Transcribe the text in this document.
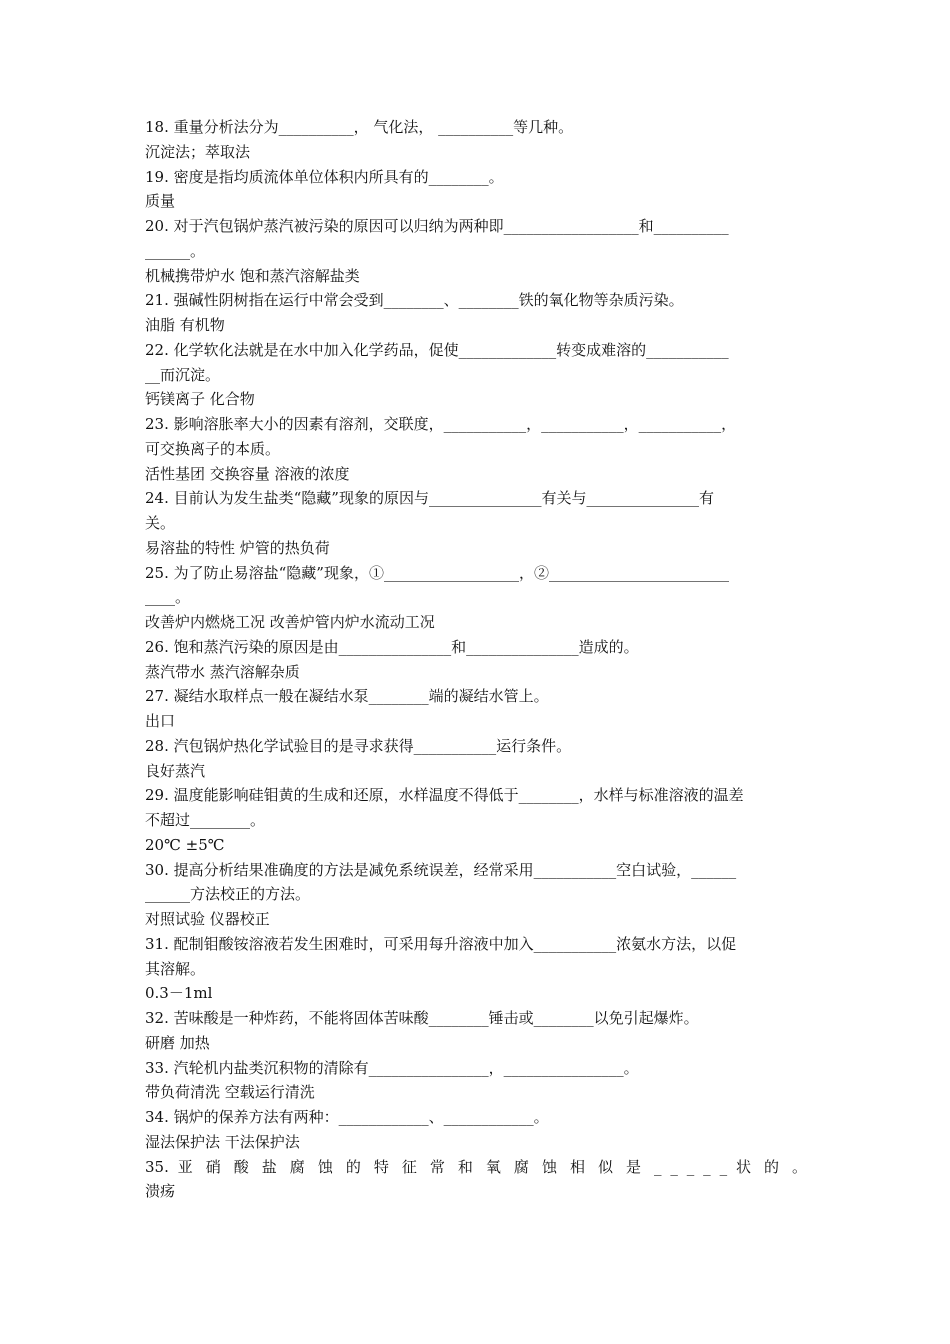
18. 重量分析法分为__________， 气化法， __________等几种。
沉淀法；萃取法
19. 密度是指均质流体单位体积内所具有的________。
质量
20. 对于汽包锅炉蒸汽被污染的原因可以归纳为两种即__________________和__________
______。
机械携带炉水 饱和蒸汽溶解盐类
21. 强碱性阴树指在运行中常会受到________、________铁的氧化物等杂质污染。
油脂 有机物
22. 化学软化法就是在水中加入化学药品，促使_____________转变成难溶的___________
__而沉淀。
钙镁离子 化合物
23. 影响溶胀率大小的因素有溶剂，交联度，___________，___________，___________，
可交换离子的本质。
活性基团 交换容量 溶液的浓度
24. 目前认为发生盐类“隐藏”现象的原因与_______________有关与_______________有
关。
易溶盐的特性 炉管的热负荷
25. 为了防止易溶盐“隐藏”现象，①__________________，②________________________
____。
改善炉内燃烧工况 改善炉管内炉水流动工况
26. 饱和蒸汽污染的原因是由_______________和_______________造成的。
蒸汽带水 蒸汽溶解杂质
27. 凝结水取样点一般在凝结水泵________端的凝结水管上。
出口
28. 汽包锅炉热化学试验目的是寻求获得___________运行条件。
良好蒸汽
29. 温度能影响硅钼黄的生成和还原，水样温度不得低于________，水样与标准溶液的温差
不超过________。
20℃ ±5℃
30. 提高分析结果准确度的方法是减免系统误差，经常采用___________空白试验，______
______方法校正的方法。
对照试验 仪器校正
31. 配制钼酸铵溶液若发生困难时，可采用每升溶液中加入___________浓氨水方法，以促
其溶解。
0.3－1ml
32. 苦味酸是一种炸药，不能将固体苦味酸________锤击或________以免引起爆炸。
研磨 加热
33. 汽轮机内盐类沉积物的清除有________________，________________。
带负荷清洗 空载运行清洗
34. 锅炉的保养方法有两种：____________、____________。
湿法保护法 干法保护法
35. 亚 硝 酸 盐 腐 蚀 的 特 征 常 和 氧 腐 蚀 相 似 是 _ _ _ _ _ 状 的 。
溃疡
